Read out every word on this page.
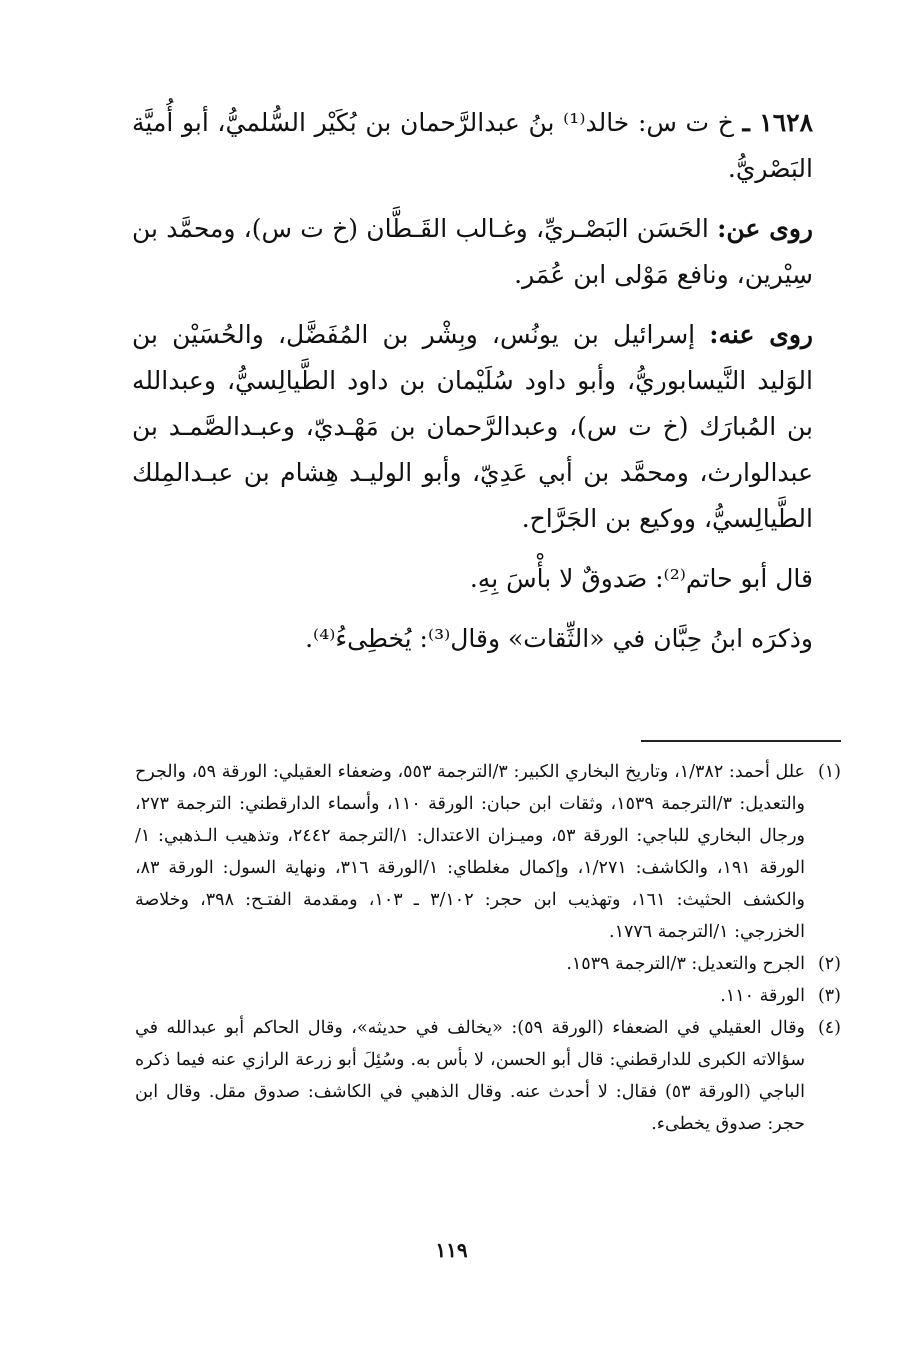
١٦٢٨ ـ خ ت س: خالد⁽¹⁾ بنُ عبدالرَّحمان بن بُكَيْر السُّلميُّ، أبو أُميَّة البَصْريُّ.

روى عن: الحَسَن البَصْـريِّ، وغـالب القَـطَّان (خ ت س)، ومحمَّد بن سِيْرين، ونافع مَوْلى ابن عُمَر.

روى عنه: إسرائيل بن يونُس، وبِشْر بن المُفَضَّل، والحُسَيْن بن الوَليد النَّيسابوريُّ، وأبو داود سُلَيْمان بن داود الطَّيالِسيُّ، وعبدالله بن المُبارَك (خ ت س)، وعبدالرَّحمان بن مَهْـديّ، وعبـدالصَّمـد بن عبدالوارث، ومحمَّد بن أبي عَدِيّ، وأبو الوليـد هِشام بن عبـدالمِلك الطَّيالِسيُّ، ووكيع بن الجَرَّاح.

قال أبو حاتم⁽²⁾: صَدوقٌ لا بأْسَ بِهِ.

وذكرَه ابنُ حِبَّان في «الثِّقات» وقال⁽³⁾: يُخطِىءُ⁽⁴⁾.

(١)
علل أحمد: ١/٣٨٢، وتاريخ البخاري الكبير: ٣/الترجمة ٥٥٣، وضعفاء العقيلي: الورقة ٥٩، والجرح والتعديل: ٣/الترجمة ١٥٣٩، وثقات ابن حبان: الورقة ١١٠، وأسماء الدارقطني: الترجمة ٢٧٣، ورجال البخاري للباجي: الورقة ٥٣، وميـزان الاعتدال: ١/الترجمة ٢٤٤٢، وتذهيب الـذهبي: ١/الورقة ١٩١، والكاشف: ١/٢٧١، وإكمال مغلطاي: ١/الورقة ٣١٦، ونهاية السول: الورقة ٨٣، والكشف الحثيث: ١٦١، وتهذيب ابن حجر: ٣/١٠٢ ـ ١٠٣، ومقدمة الفتـح: ٣٩٨، وخلاصة الخزرجي: ١/الترجمة ١٧٧٦.
(٢)
الجرح والتعديل: ٣/الترجمة ١٥٣٩.
(٣)
الورقة ١١٠.
(٤)
وقال العقيلي في الضعفاء (الورقة ٥٩): «يخالف في حديثه»، وقال الحاكم أبو عبدالله في سؤالاته الكبرى للدارقطني: قال أبو الحسن، لا بأس به. وسُئِلَ أبو زرعة الرازي عنه فيما ذكره الباجي (الورقة ٥٣) فقال: لا أحدث عنه. وقال الذهبي في الكاشف: صدوق مقل. وقال ابن حجر: صدوق يخطىء.
١١٩
